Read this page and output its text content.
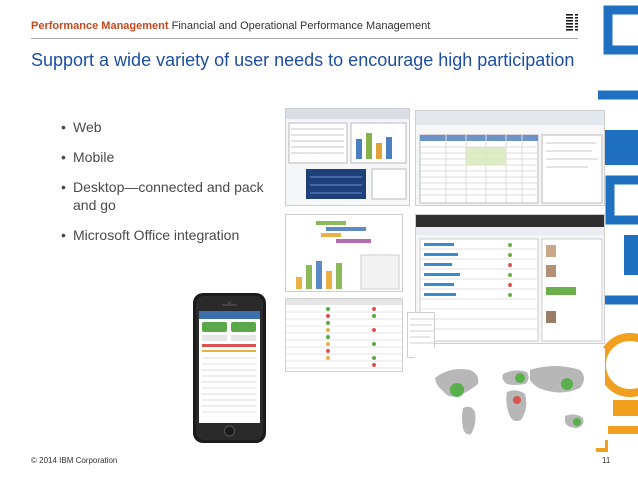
Performance Management Financial and Operational Performance Management
Support a wide variety of user needs to encourage high participation
• Web
• Mobile
• Desktop—connected and pack and go
• Microsoft Office integration
© 2014 IBM Corporation	11
